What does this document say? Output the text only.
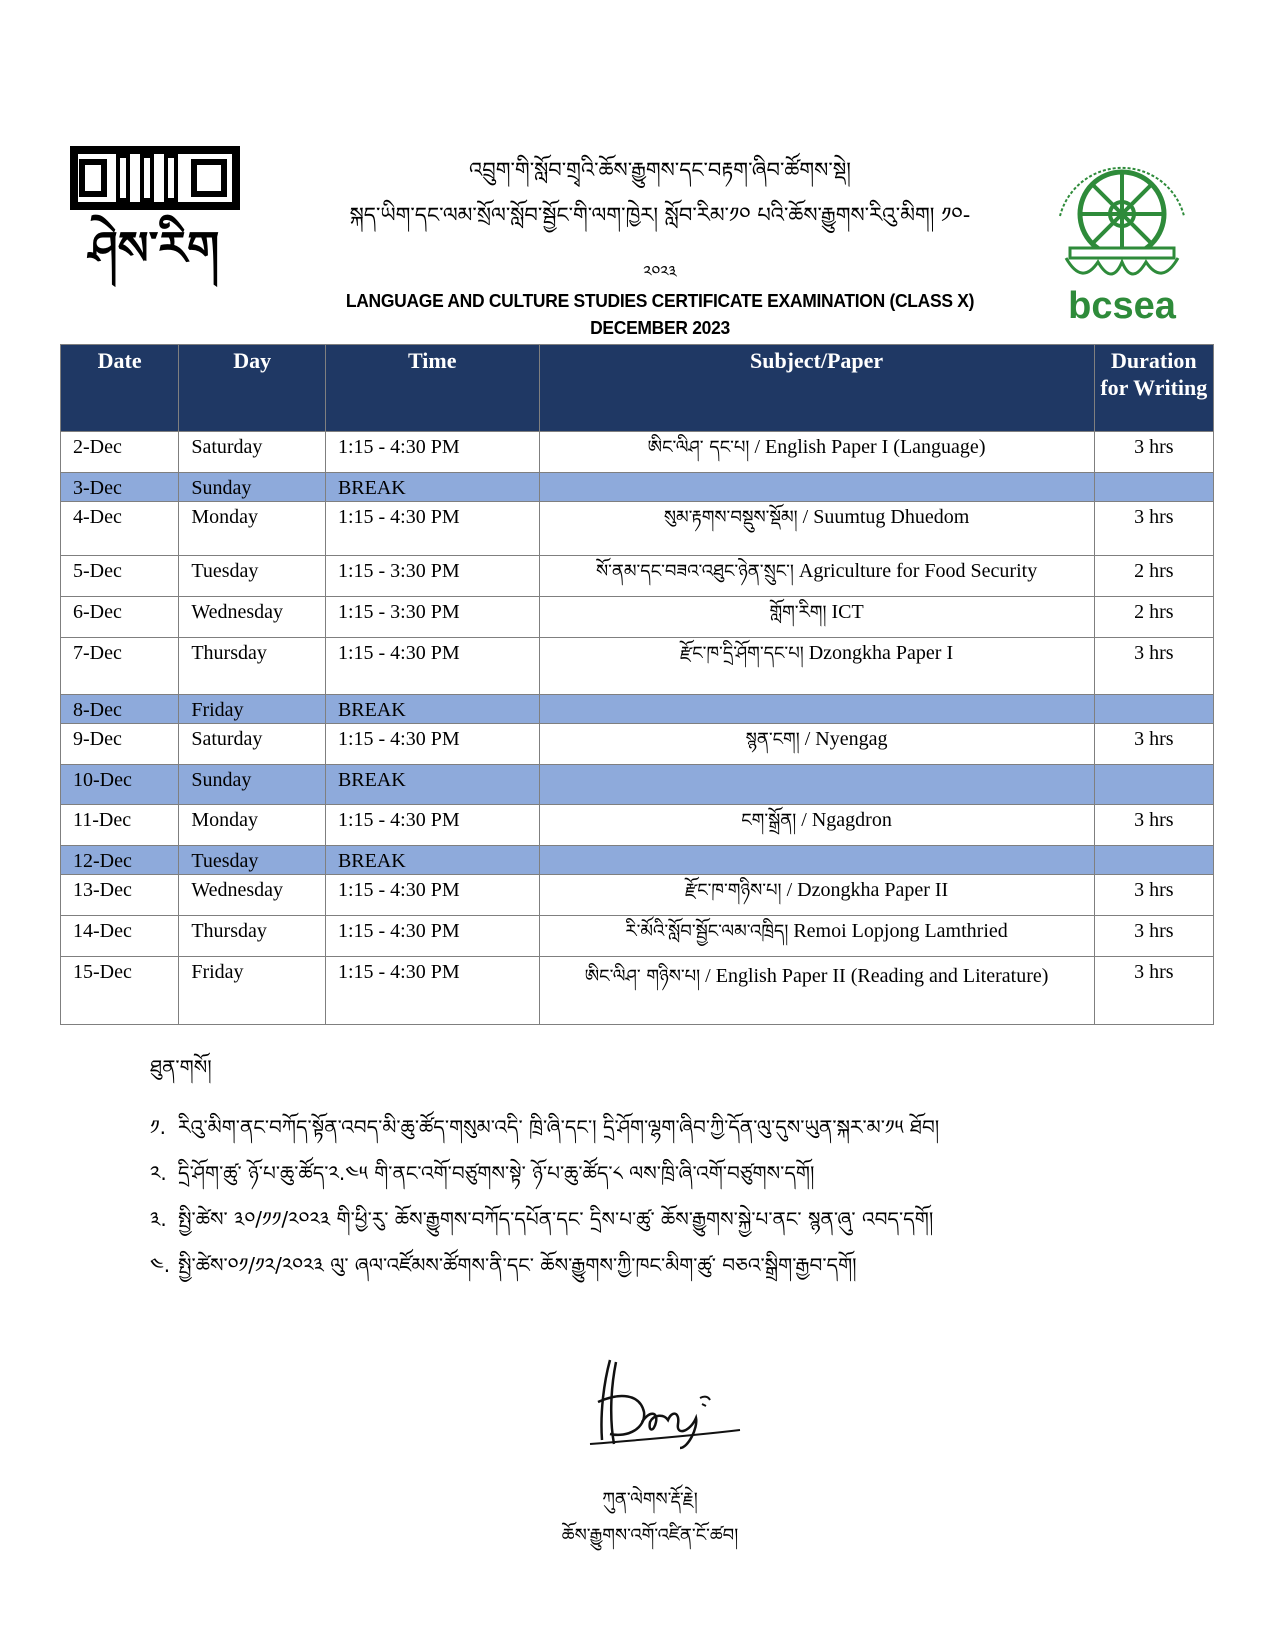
ཤེས་རིག
bcsea
འབྲུག་གི་སློབ་གྲྭའི་ཆོས་རྒྱུགས་དང་བརྟག་ཞིབ་ཚོགས་སྡེ།
སྐད་ཡིག་དང་ལམ་སྲོལ་སློབ་སྦྱོང་གི་ལག་ཁྱེར། སློབ་རིམ་༡༠ པའི་ཆོས་རྒྱུགས་རིའུ་མིག། ༡༠-
༢༠༢༣
LANGUAGE AND CULTURE STUDIES CERTIFICATE EXAMINATION (CLASS X)
DECEMBER 2023
Date	Day	Time	Subject/Paper	Duration for Writing
2-Dec	Saturday	1:15 - 4:30 PM	ཨིང་ལིཤ་ དང་པ། / English Paper I (Language)	3 hrs
3-Dec	Sunday	BREAK		
4-Dec	Monday	1:15 - 4:30 PM	སུམ་རྟགས་བསྡུས་སྡོམ། / Suumtug Dhuedom	3 hrs
5-Dec	Tuesday	1:15 - 3:30 PM	སོ་ནམ་དང་བཟའ་འཐུང་ཉེན་སྲུང་། Agriculture for Food Security	2 hrs
6-Dec	Wednesday	1:15 - 3:30 PM	གློག་རིག། ICT	2 hrs
7-Dec	Thursday	1:15 - 4:30 PM	རྫོང་ཁ་དྲི་ཤོག་དང་པ། Dzongkha Paper I	3 hrs
8-Dec	Friday	BREAK		
9-Dec	Saturday	1:15 - 4:30 PM	སྙན་ངག། / Nyengag	3 hrs
10-Dec	Sunday	BREAK		
11-Dec	Monday	1:15 - 4:30 PM	ངག་སྒྲོན། / Ngagdron	3 hrs
12-Dec	Tuesday	BREAK		
13-Dec	Wednesday	1:15 - 4:30 PM	རྫོང་ཁ་གཉིས་པ། / Dzongkha Paper II	3 hrs
14-Dec	Thursday	1:15 - 4:30 PM	རི་མོའི་སློབ་སྦྱོང་ལམ་འཁྲིད། Remoi Lopjong Lamthried	3 hrs
15-Dec	Friday	1:15 - 4:30 PM	ཨིང་ལིཤ་ གཉིས་པ། / English Paper II (Reading and Literature)	3 hrs
ཐུན་གསོ།
༡. རིའུ་མིག་ནང་བཀོད་སྟོན་འབད་མི་ཆུ་ཚོད་གསུམ་འདི་ ཁྲི་ཞི་དང་། དྲི་ཤོག་ལྷག་ཞིབ་ཀྱི་དོན་ལུ་དུས་ཡུན་སྐར་མ་༡༥ ཐོབ།
༢. དྲི་ཤོག་ཚུ་ ཉོ་པ་ཆུ་ཚོད་༢.༤༥ གི་ནང་འགོ་བཙུགས་སྟེ་ ཉོ་པ་ཆུ་ཚོད་༨ ལས་ཁྲི་ཞི་འགོ་བཙུགས་དགོ།
༣. སྤྱི་ཚེས་ ༣༠/༡༡/༢༠༢༣ གི་ཕྱི་རུ་ ཆོས་རྒྱུགས་བཀོད་དཔོན་དང་ དྲིས་པ་ཚུ་ ཆོས་རྒྱུགས་སྐྱེ་པ་ནང་ སྙན་ཞུ་ འབད་དགོ།
༤. སྤྱི་ཚེས་༠༡/༡༢/༢༠༢༣ ལུ་ ཞལ་འཛོམས་ཚོགས་ནི་དང་ ཆོས་རྒྱུགས་ཀྱི་ཁང་མིག་ཚུ་ བཅའ་སྒྲིག་རྒྱབ་དགོ།
ཀུན་ལེགས་རྡོ་རྗེ།
ཆོས་རྒྱུགས་འགོ་འཛིན་ངོ་ཚབ།
